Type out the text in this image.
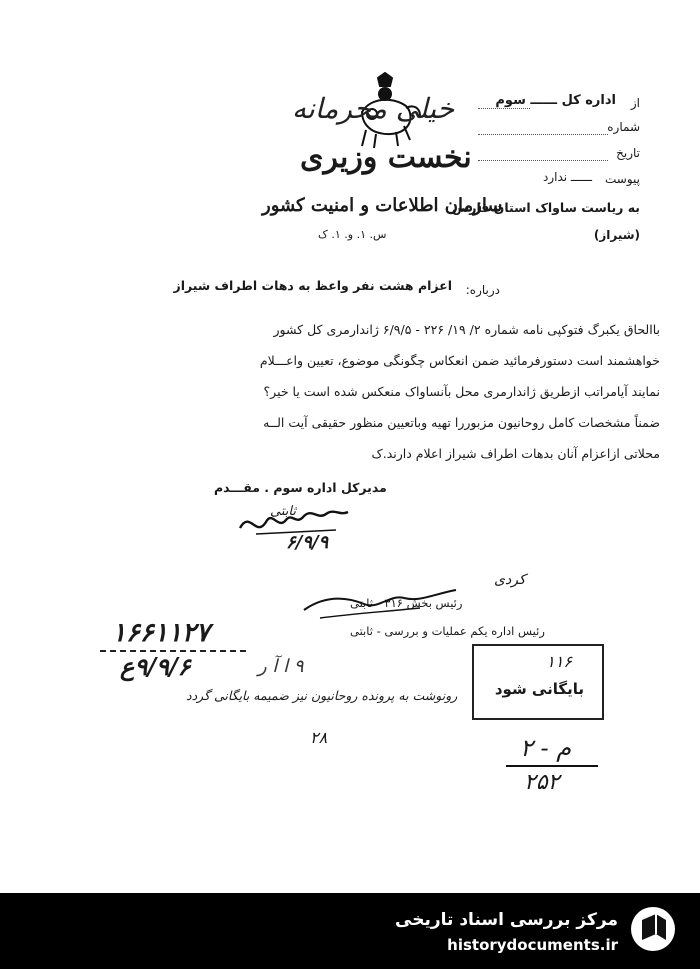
خیلی محرمانه
نخست وزیری
سازمان اطلاعات و امنیت کشور
س. ۱. و. ۱. ک
از
اداره کل ــــــ سوم
شماره
تاریخ
پیوست
ــــــ ندارد
به ریاست ساواک استان فارس
(شیراز)
درباره:
اعزام هشت نفر واعظ به دهات اطراف شیراز
باالحاق یکبرگ فتوکپی نامه شماره ۲/ ۱۹/ ۲۲۶ - ۶/۹/۵ ژاندارمری کل کشور
خواهشمند است دستورفرمائید ضمن انعکاس چگونگی موضوع، تعیین واعـــلام
نمایند آیامراتب ازطریق ژاندارمری محل بآنساواک منعکس شده است یا خیر؟
ضمناً مشخصات کامل روحانیون مزبوررا تهیه وباتعیین منظور حقیقی آیت الــه
محلاتی ازاعزام آنان بدهات اطراف شیراز اعلام دارند.ک
مدیرکل اداره سوم . مقـــدم
ثابتی
۶/۹/۹
کردی
رئیس بخش ۳۱۶ - ثابتی
رئیس اداره یکم عملیات و بررسی - ثابتی
۱۶۶۱۱۲۷
۹/۹/۶ع	۹ ا آ ر	۱۱۶
بایگانی شود
رونوشت به پرونده روحانیون نیز ضمیمه بایگانی گردد
۲۸	۲ - م
۲۵۲
مرکز بررسی اسناد تاریخی
historydocuments.ir
